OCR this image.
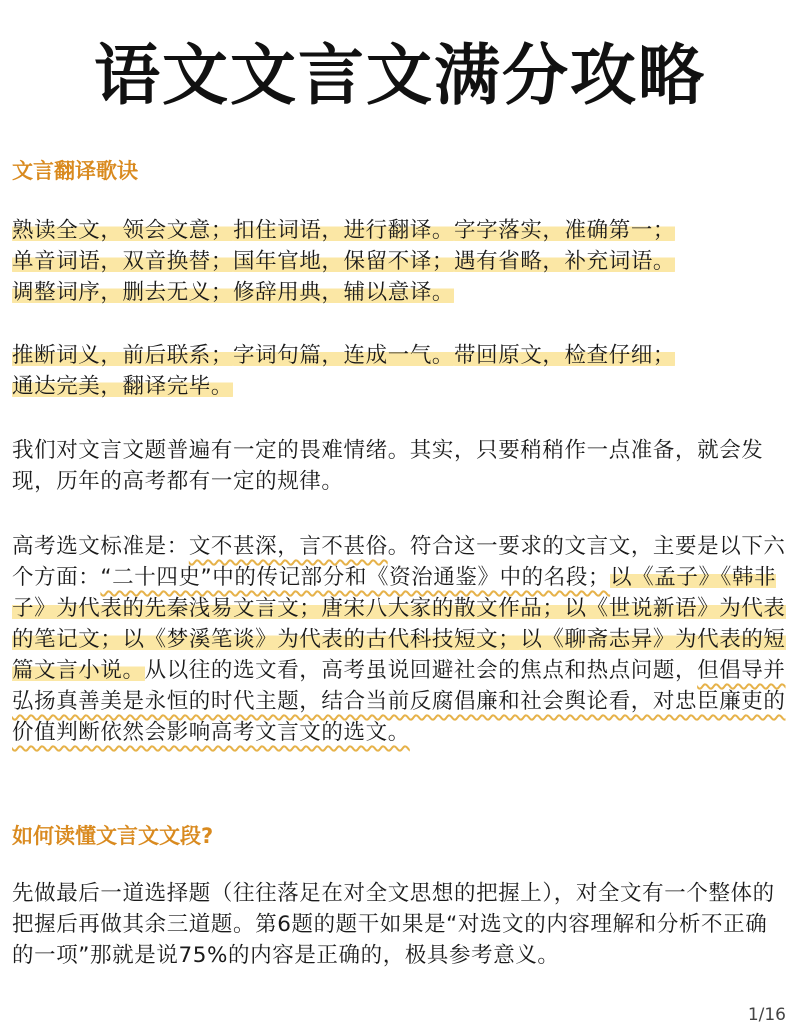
语文文言文满分攻略
文言翻译歌诀
熟读全文，领会文意；扣住词语，进行翻译。字字落实，准确第一；
单音词语，双音换替；国年官地，保留不译；遇有省略，补充词语。
调整词序，删去无义；修辞用典，辅以意译。
推断词义，前后联系；字词句篇，连成一气。带回原文，检查仔细；
通达完美，翻译完毕。
我们对文言文题普遍有一定的畏难情绪。其实，只要稍稍作一点准备，就会发现，历年的高考都有一定的规律。
高考选文标准是：文不甚深，言不甚俗。符合这一要求的文言文，主要是以下六个方面：“二十四史”中的传记部分和《资治通鉴》中的名段；以《孟子》《韩非子》为代表的先秦浅易文言文；唐宋八大家的散文作品；以《世说新语》为代表的笔记文；以《梦溪笔谈》为代表的古代科技短文；以《聊斋志异》为代表的短篇文言小说。从以往的选文看，高考虽说回避社会的焦点和热点问题，但倡导并弘扬真善美是永恒的时代主题，结合当前反腐倡廉和社会舆论看，对忠臣廉吏的价值判断依然会影响高考文言文的选文。
如何读懂文言文文段?
先做最后一道选择题（往往落足在对全文思想的把握上），对全文有一个整体的把握后再做其余三道题。第6题的题干如果是“对选文的内容理解和分析不正确的一项”那就是说75%的内容是正确的，极具参考意义。
1/16
